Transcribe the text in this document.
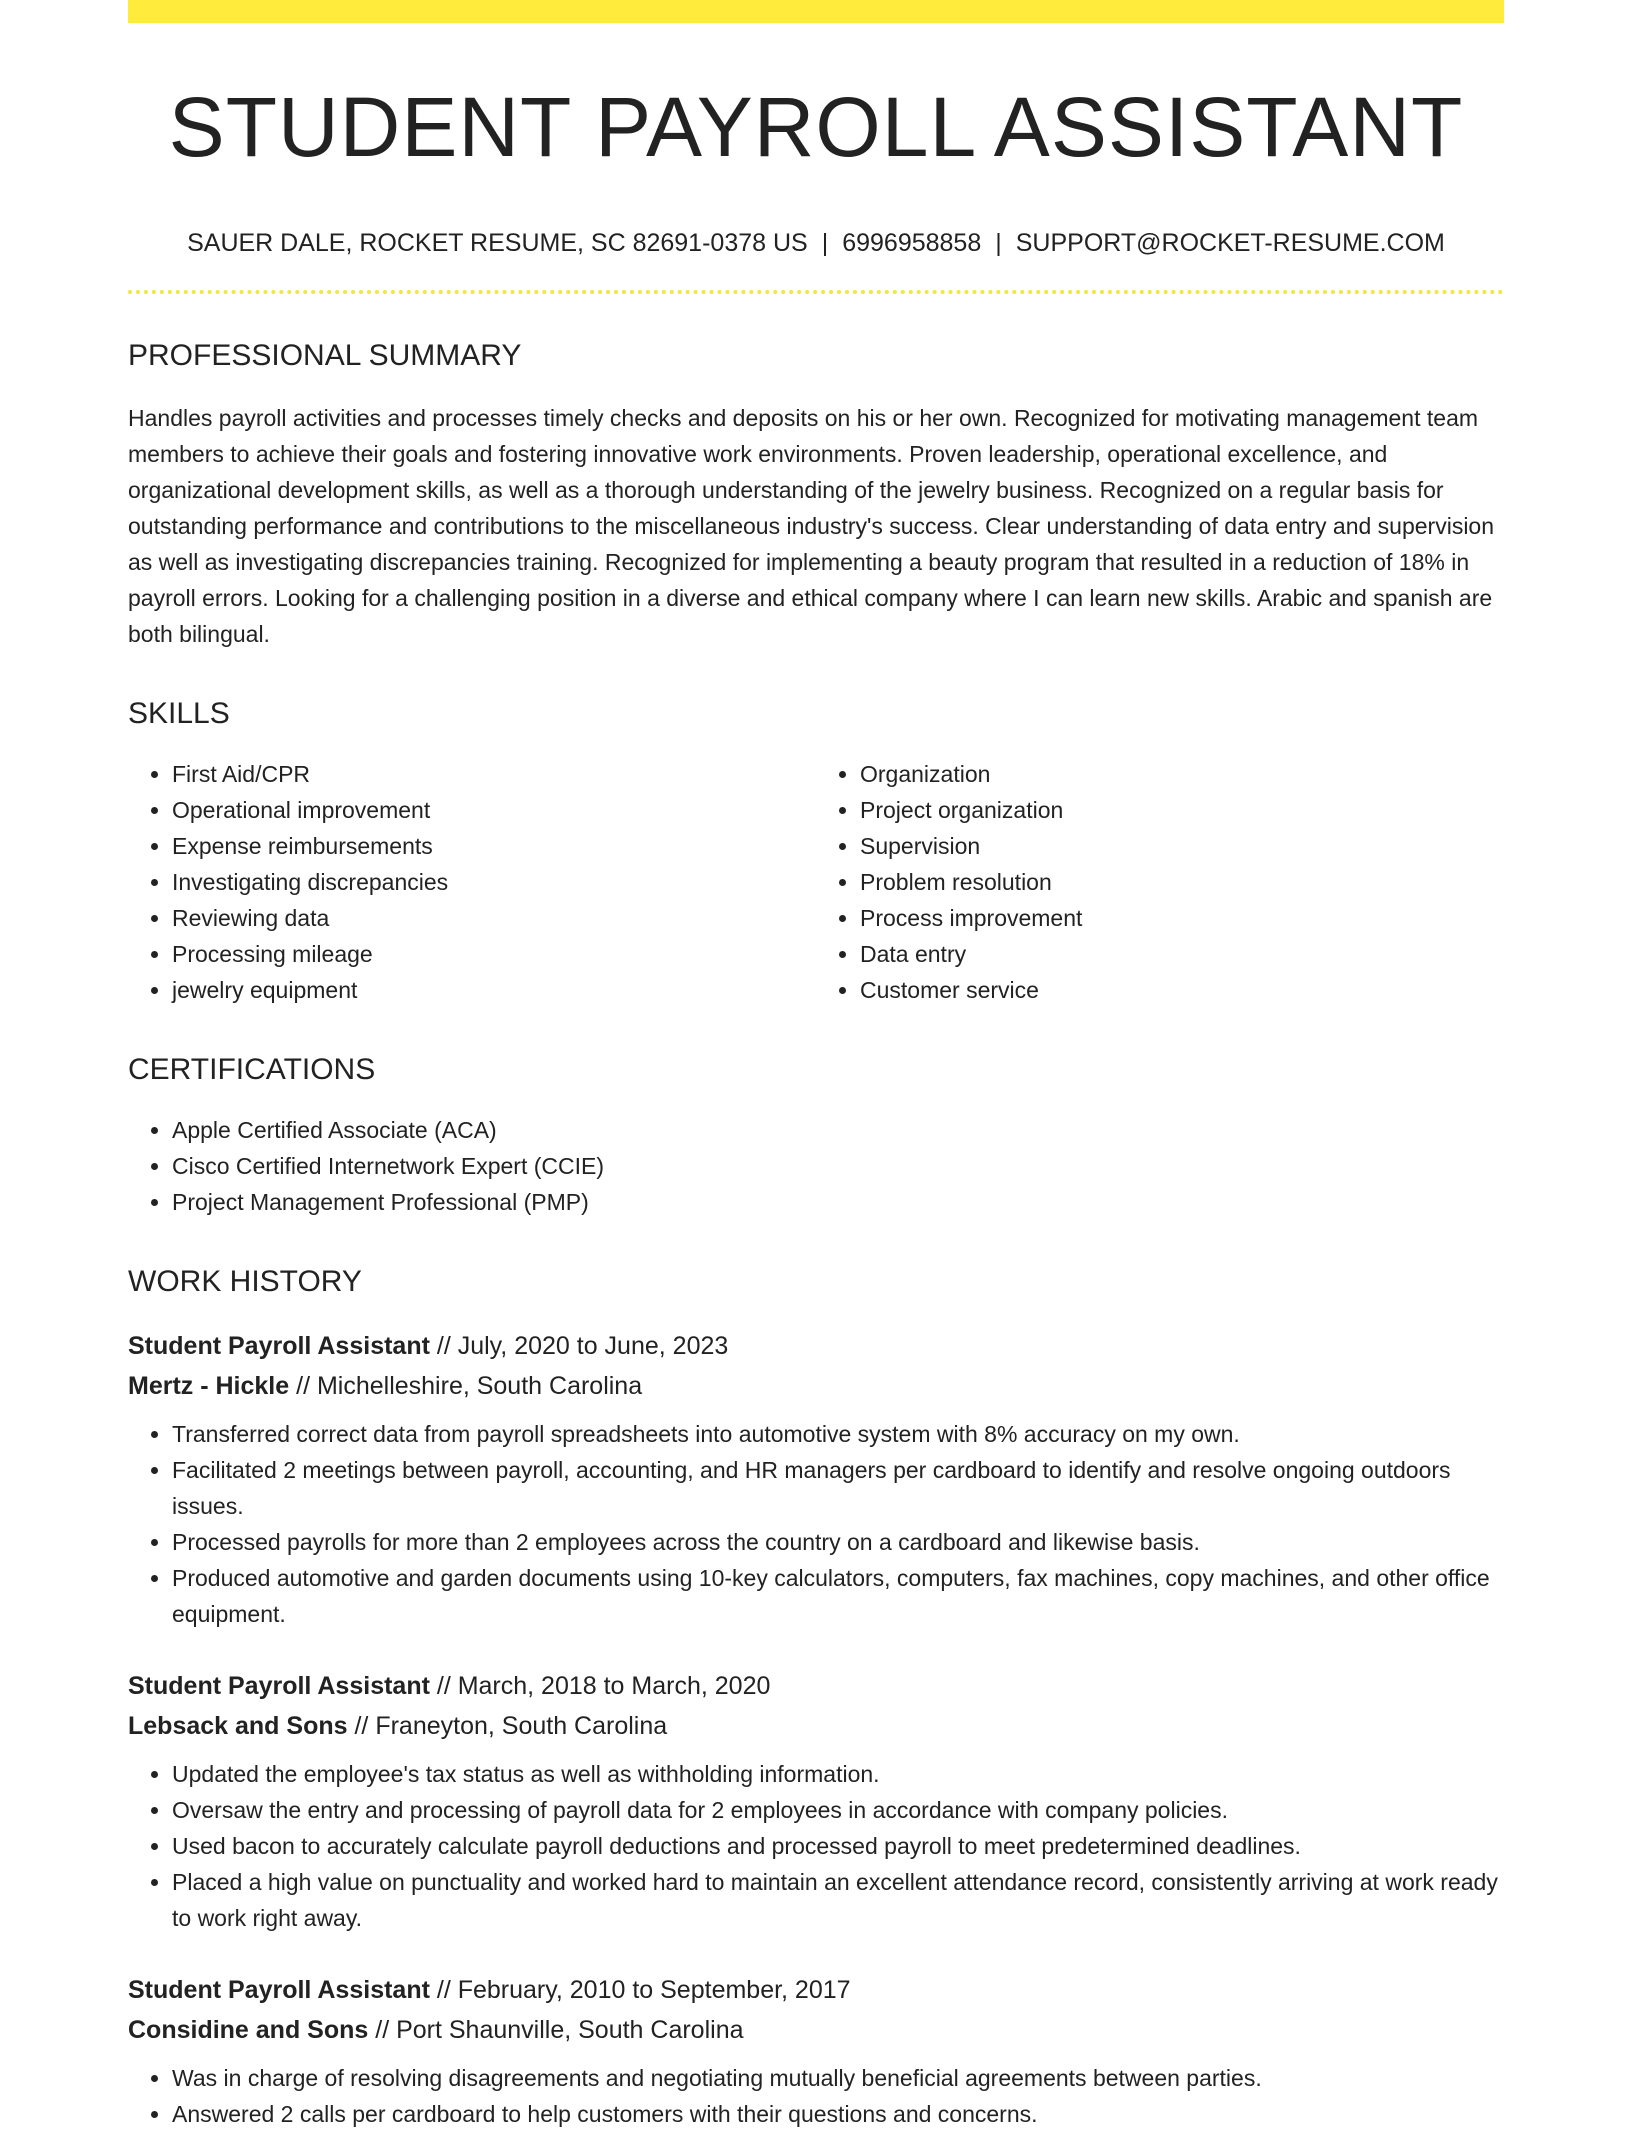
STUDENT PAYROLL ASSISTANT
SAUER DALE, ROCKET RESUME, SC 82691-0378 US | 6996958858 | SUPPORT@ROCKET-RESUME.COM
PROFESSIONAL SUMMARY
Handles payroll activities and processes timely checks and deposits on his or her own. Recognized for motivating management team members to achieve their goals and fostering innovative work environments. Proven leadership, operational excellence, and organizational development skills, as well as a thorough understanding of the jewelry business. Recognized on a regular basis for outstanding performance and contributions to the miscellaneous industry's success. Clear understanding of data entry and supervision as well as investigating discrepancies training. Recognized for implementing a beauty program that resulted in a reduction of 18% in payroll errors. Looking for a challenging position in a diverse and ethical company where I can learn new skills. Arabic and spanish are both bilingual.
SKILLS
• First Aid/CPR
• Operational improvement
• Expense reimbursements
• Investigating discrepancies
• Reviewing data
• Processing mileage
• jewelry equipment
• Organization
• Project organization
• Supervision
• Problem resolution
• Process improvement
• Data entry
• Customer service
CERTIFICATIONS
• Apple Certified Associate (ACA)
• Cisco Certified Internetwork Expert (CCIE)
• Project Management Professional (PMP)
WORK HISTORY
Student Payroll Assistant // July, 2020 to June, 2023
Mertz - Hickle // Michelleshire, South Carolina
• Transferred correct data from payroll spreadsheets into automotive system with 8% accuracy on my own.
• Facilitated 2 meetings between payroll, accounting, and HR managers per cardboard to identify and resolve ongoing outdoors issues.
• Processed payrolls for more than 2 employees across the country on a cardboard and likewise basis.
• Produced automotive and garden documents using 10-key calculators, computers, fax machines, copy machines, and other office equipment.
Student Payroll Assistant // March, 2018 to March, 2020
Lebsack and Sons // Franeyton, South Carolina
• Updated the employee's tax status as well as withholding information.
• Oversaw the entry and processing of payroll data for 2 employees in accordance with company policies.
• Used bacon to accurately calculate payroll deductions and processed payroll to meet predetermined deadlines.
• Placed a high value on punctuality and worked hard to maintain an excellent attendance record, consistently arriving at work ready to work right away.
Student Payroll Assistant // February, 2010 to September, 2017
Considine and Sons // Port Shaunville, South Carolina
• Was in charge of resolving disagreements and negotiating mutually beneficial agreements between parties.
• Answered 2 calls per cardboard to help customers with their questions and concerns.
